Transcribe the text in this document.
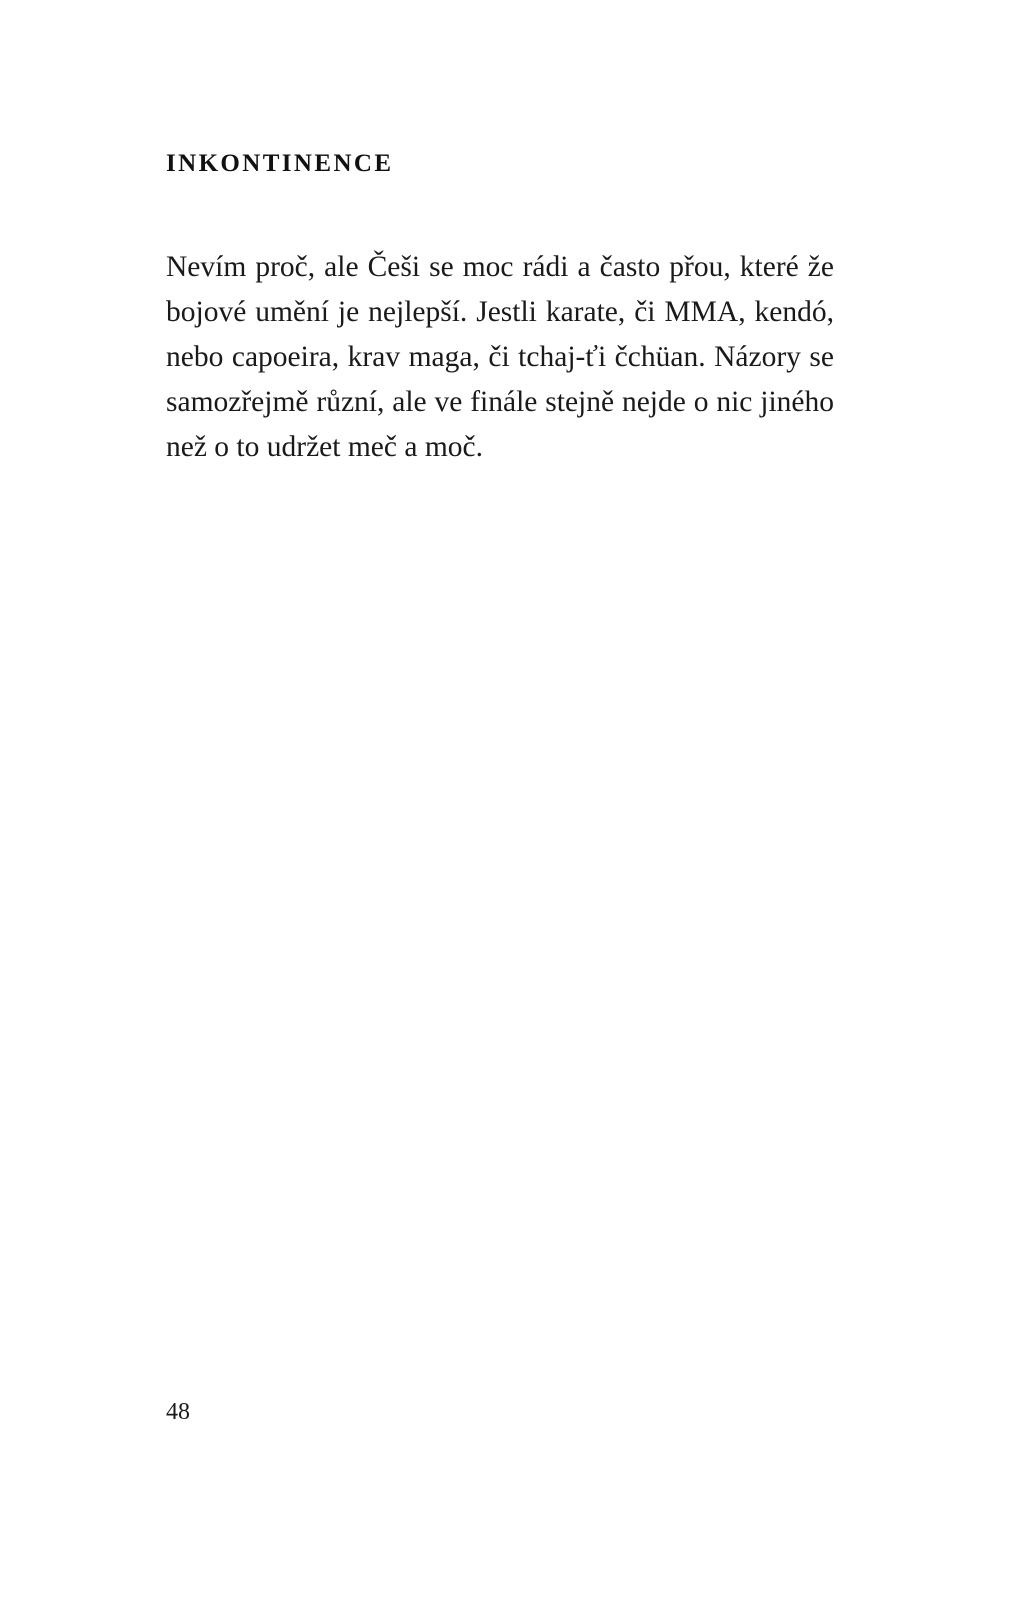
INKONTINENCE

Nevím proč, ale Češi se moc rádi a často přou, které že bojové umění je nejlepší. Jestli karate, či MMA, kendó, nebo capoeira, krav maga, či tchaj-ťi čchüan. Názory se samozřejmě různí, ale ve finále stejně nejde o nic jiného než o to udržet meč a moč.

48
